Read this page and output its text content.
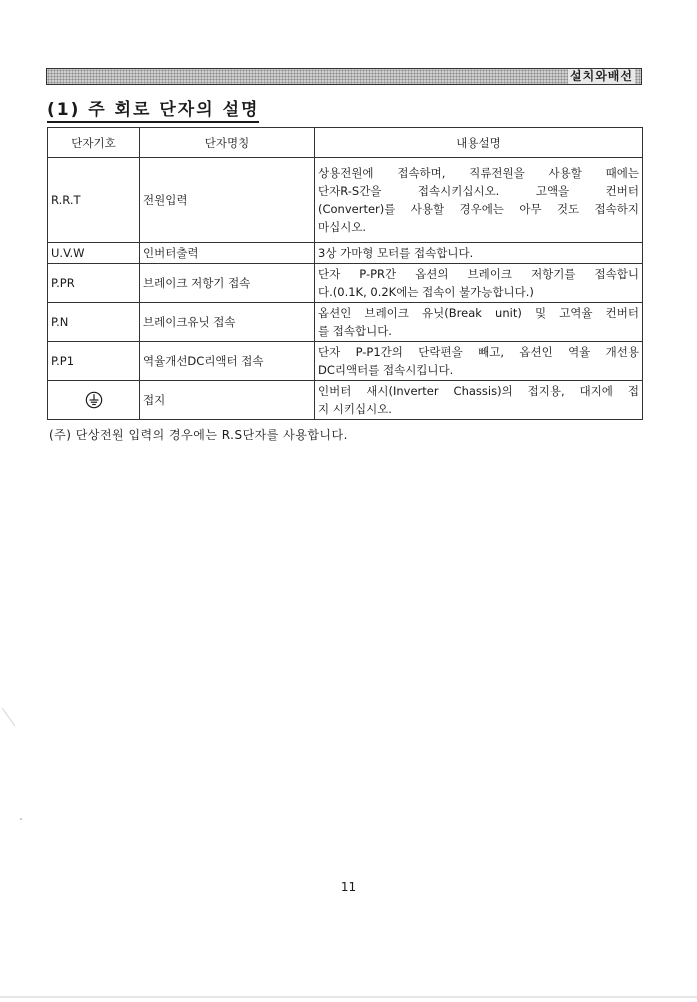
설치와배선
(1) 주 회로 단자의 설명
단자기호	단자명칭	내용설명
R.R.T	전원입력	상용전원에 접속하며, 직류전원을 사용할 때에는
단자R-S간을 접속시키십시오. 고액을 컨버터
(Converter)를 사용할 경우에는 아무 것도 접속하지
마십시오.

U.V.W	인버터출력	3상 가마형 모터를 접속합니다.

P.PR	브레이크 저항기 접속	단자 P-PR간 옵션의 브레이크 저항기를 접속합니
다.(0.1K, 0.2K에는 접속이 불가능합니다.)

P.N	브레이크유닛 접속	옵션인 브레이크 유닛(Break unit) 및 고역율 컨버터
를 접속합니다.

P.P1	역율개선DC리액터 접속	단자 P-P1간의 단락편을 빼고, 옵션인 역율 개선용
DC리액터를 접속시킵니다.

	접지	인버터 새시(Inverter Chassis)의 접지용, 대지에 접
지 시키십시오.
(주) 단상전원 입력의 경우에는 R.S단자를 사용합니다.
11
